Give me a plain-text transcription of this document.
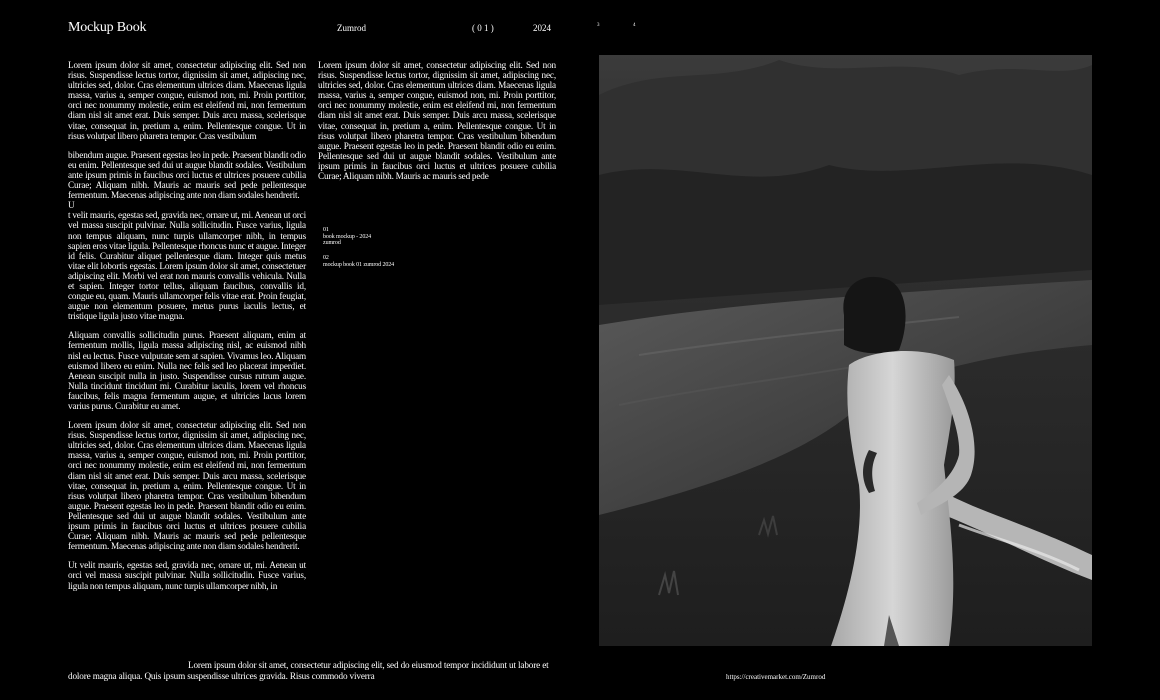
Mockup Book	Zumrod	( 0 1 )	2024	3	4

Lorem ipsum dolor sit amet, consectetur adipiscing elit. Sed non risus. Suspendisse lectus tortor, dignissim sit amet, adipiscing nec, ultricies sed, dolor. Cras elementum ultrices diam. Maecenas ligula massa, varius a, semper congue, euismod non, mi. Proin porttitor, orci nec nonummy molestie, enim est eleifend mi, non fermentum diam nisl sit amet erat. Duis semper. Duis arcu massa, scelerisque vitae, consequat in, pretium a, enim. Pellentesque congue. Ut in risus volutpat libero pharetra tempor. Cras vestibulum

bibendum augue. Praesent egestas leo in pede. Praesent blandit odio eu enim. Pellentesque sed dui ut augue blandit sodales. Vestibulum ante ipsum primis in faucibus orci luctus et ultrices posuere cubilia Curae; Aliquam nibh. Mauris ac mauris sed pede pellentesque fermentum. Maecenas adipiscing ante non diam sodales hendrerit.

U

t velit mauris, egestas sed, gravida nec, ornare ut, mi. Aenean ut orci vel massa suscipit pulvinar. Nulla sollicitudin. Fusce varius, ligula non tempus aliquam, nunc turpis ullamcorper nibh, in tempus sapien eros vitae ligula. Pellentesque rhoncus nunc et augue. Integer id felis. Curabitur aliquet pellentesque diam. Integer quis metus vitae elit lobortis egestas. Lorem ipsum dolor sit amet, consectetuer adipiscing elit. Morbi vel erat non mauris convallis vehicula. Nulla et sapien. Integer tortor tellus, aliquam faucibus, convallis id, congue eu, quam. Mauris ullamcorper felis vitae erat. Proin feugiat, augue non elementum posuere, metus purus iaculis lectus, et tristique ligula justo vitae magna.

Aliquam convallis sollicitudin purus. Praesent aliquam, enim at fermentum mollis, ligula massa adipiscing nisl, ac euismod nibh nisl eu lectus. Fusce vulputate sem at sapien. Vivamus leo. Aliquam euismod libero eu enim. Nulla nec felis sed leo placerat imperdiet. Aenean suscipit nulla in justo. Suspendisse cursus rutrum augue. Nulla tincidunt tincidunt mi. Curabitur iaculis, lorem vel rhoncus faucibus, felis magna fermentum augue, et ultricies lacus lorem varius purus. Curabitur eu amet.

Lorem ipsum dolor sit amet, consectetur adipiscing elit. Sed non risus. Suspendisse lectus tortor, dignissim sit amet, adipiscing nec, ultricies sed, dolor. Cras elementum ultrices diam. Maecenas ligula massa, varius a, semper congue, euismod non, mi. Proin porttitor, orci nec nonummy molestie, enim est eleifend mi, non fermentum diam nisl sit amet erat. Duis semper. Duis arcu massa, scelerisque vitae, consequat in, pretium a, enim. Pellentesque congue. Ut in risus volutpat libero pharetra tempor. Cras vestibulum bibendum augue. Praesent egestas leo in pede. Praesent blandit odio eu enim. Pellentesque sed dui ut augue blandit sodales. Vestibulum ante ipsum primis in faucibus orci luctus et ultrices posuere cubilia Curae; Aliquam nibh. Mauris ac mauris sed pede pellentesque fermentum. Maecenas adipiscing ante non diam sodales hendrerit.

Ut velit mauris, egestas sed, gravida nec, ornare ut, mi. Aenean ut orci vel massa suscipit pulvinar. Nulla sollicitudin. Fusce varius, ligula non tempus aliquam, nunc turpis ullamcorper nibh, in

Lorem ipsum dolor sit amet, consectetur adipiscing elit. Sed non risus. Suspendisse lectus tortor, dignissim sit amet, adipiscing nec, ultricies sed, dolor. Cras elementum ultrices diam. Maecenas ligula massa, varius a, semper congue, euismod non, mi. Proin porttitor, orci nec nonummy molestie, enim est eleifend mi, non fermentum diam nisl sit amet erat. Duis semper. Duis arcu massa, scelerisque vitae, consequat in, pretium a, enim. Pellentesque congue. Ut in risus volutpat libero pharetra tempor. Cras vestibulum bibendum augue. Praesent egestas leo in pede. Praesent blandit odio eu enim. Pellentesque sed dui ut augue blandit sodales. Vestibulum ante ipsum primis in faucibus orci luctus et ultrices posuere cubilia Curae; Aliquam nibh. Mauris ac mauris sed pede

01
book mockup - 2024
zumrod
02
mockup book 01 zumrod 2024
Lorem ipsum dolor sit amet, consectetur adipiscing elit, sed do eiusmod tempor incididunt ut labore et dolore magna aliqua. Quis ipsum suspendisse ultrices gravida. Risus commodo viverra	https://creativemarket.com/Zumrod
